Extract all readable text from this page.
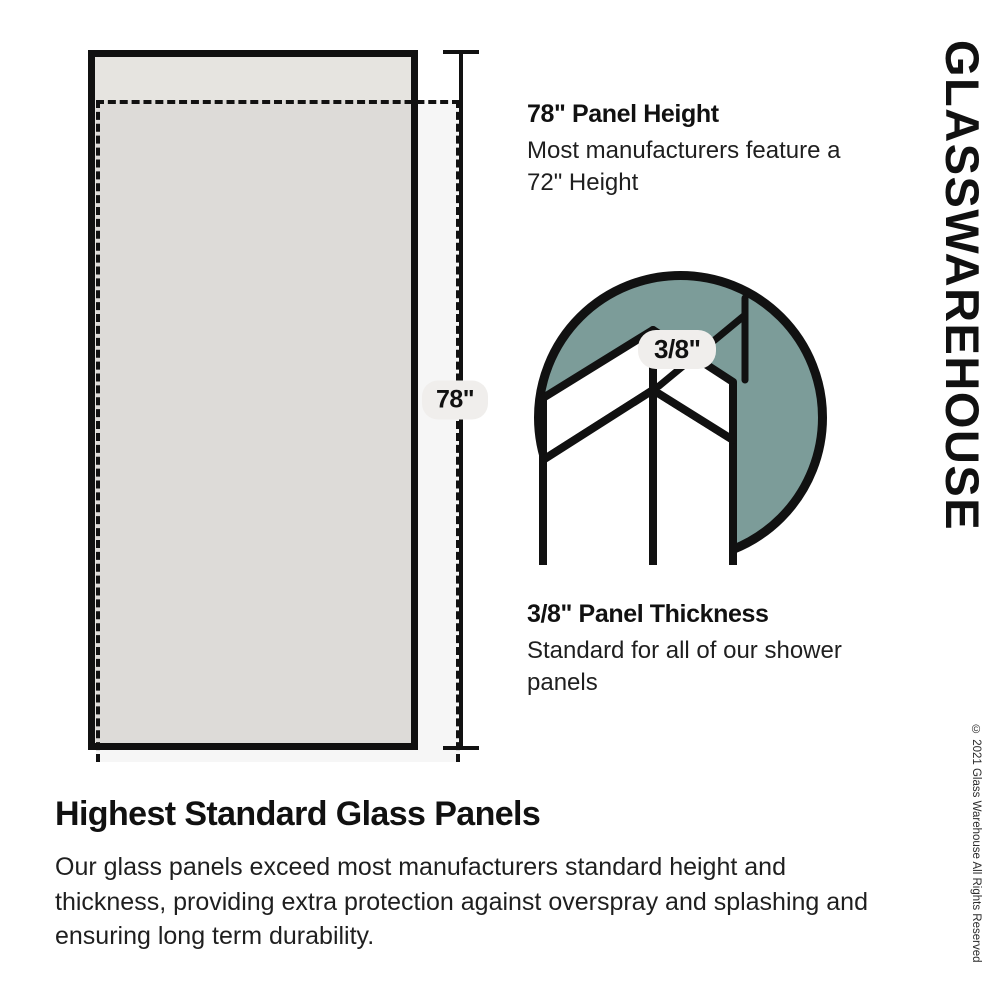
78"

78" Panel Height

Most manufacturers feature a 72" Height

3/8"

3/8" Panel Thickness

Standard for all of our shower panels

GLASSWAREHOUSE
© 2021 Glass Warehouse All Rights Reserved
Highest Standard Glass Panels

Our glass panels exceed most manufacturers standard height and thickness, providing extra protection against overspray and splashing and ensuring long term durability.
